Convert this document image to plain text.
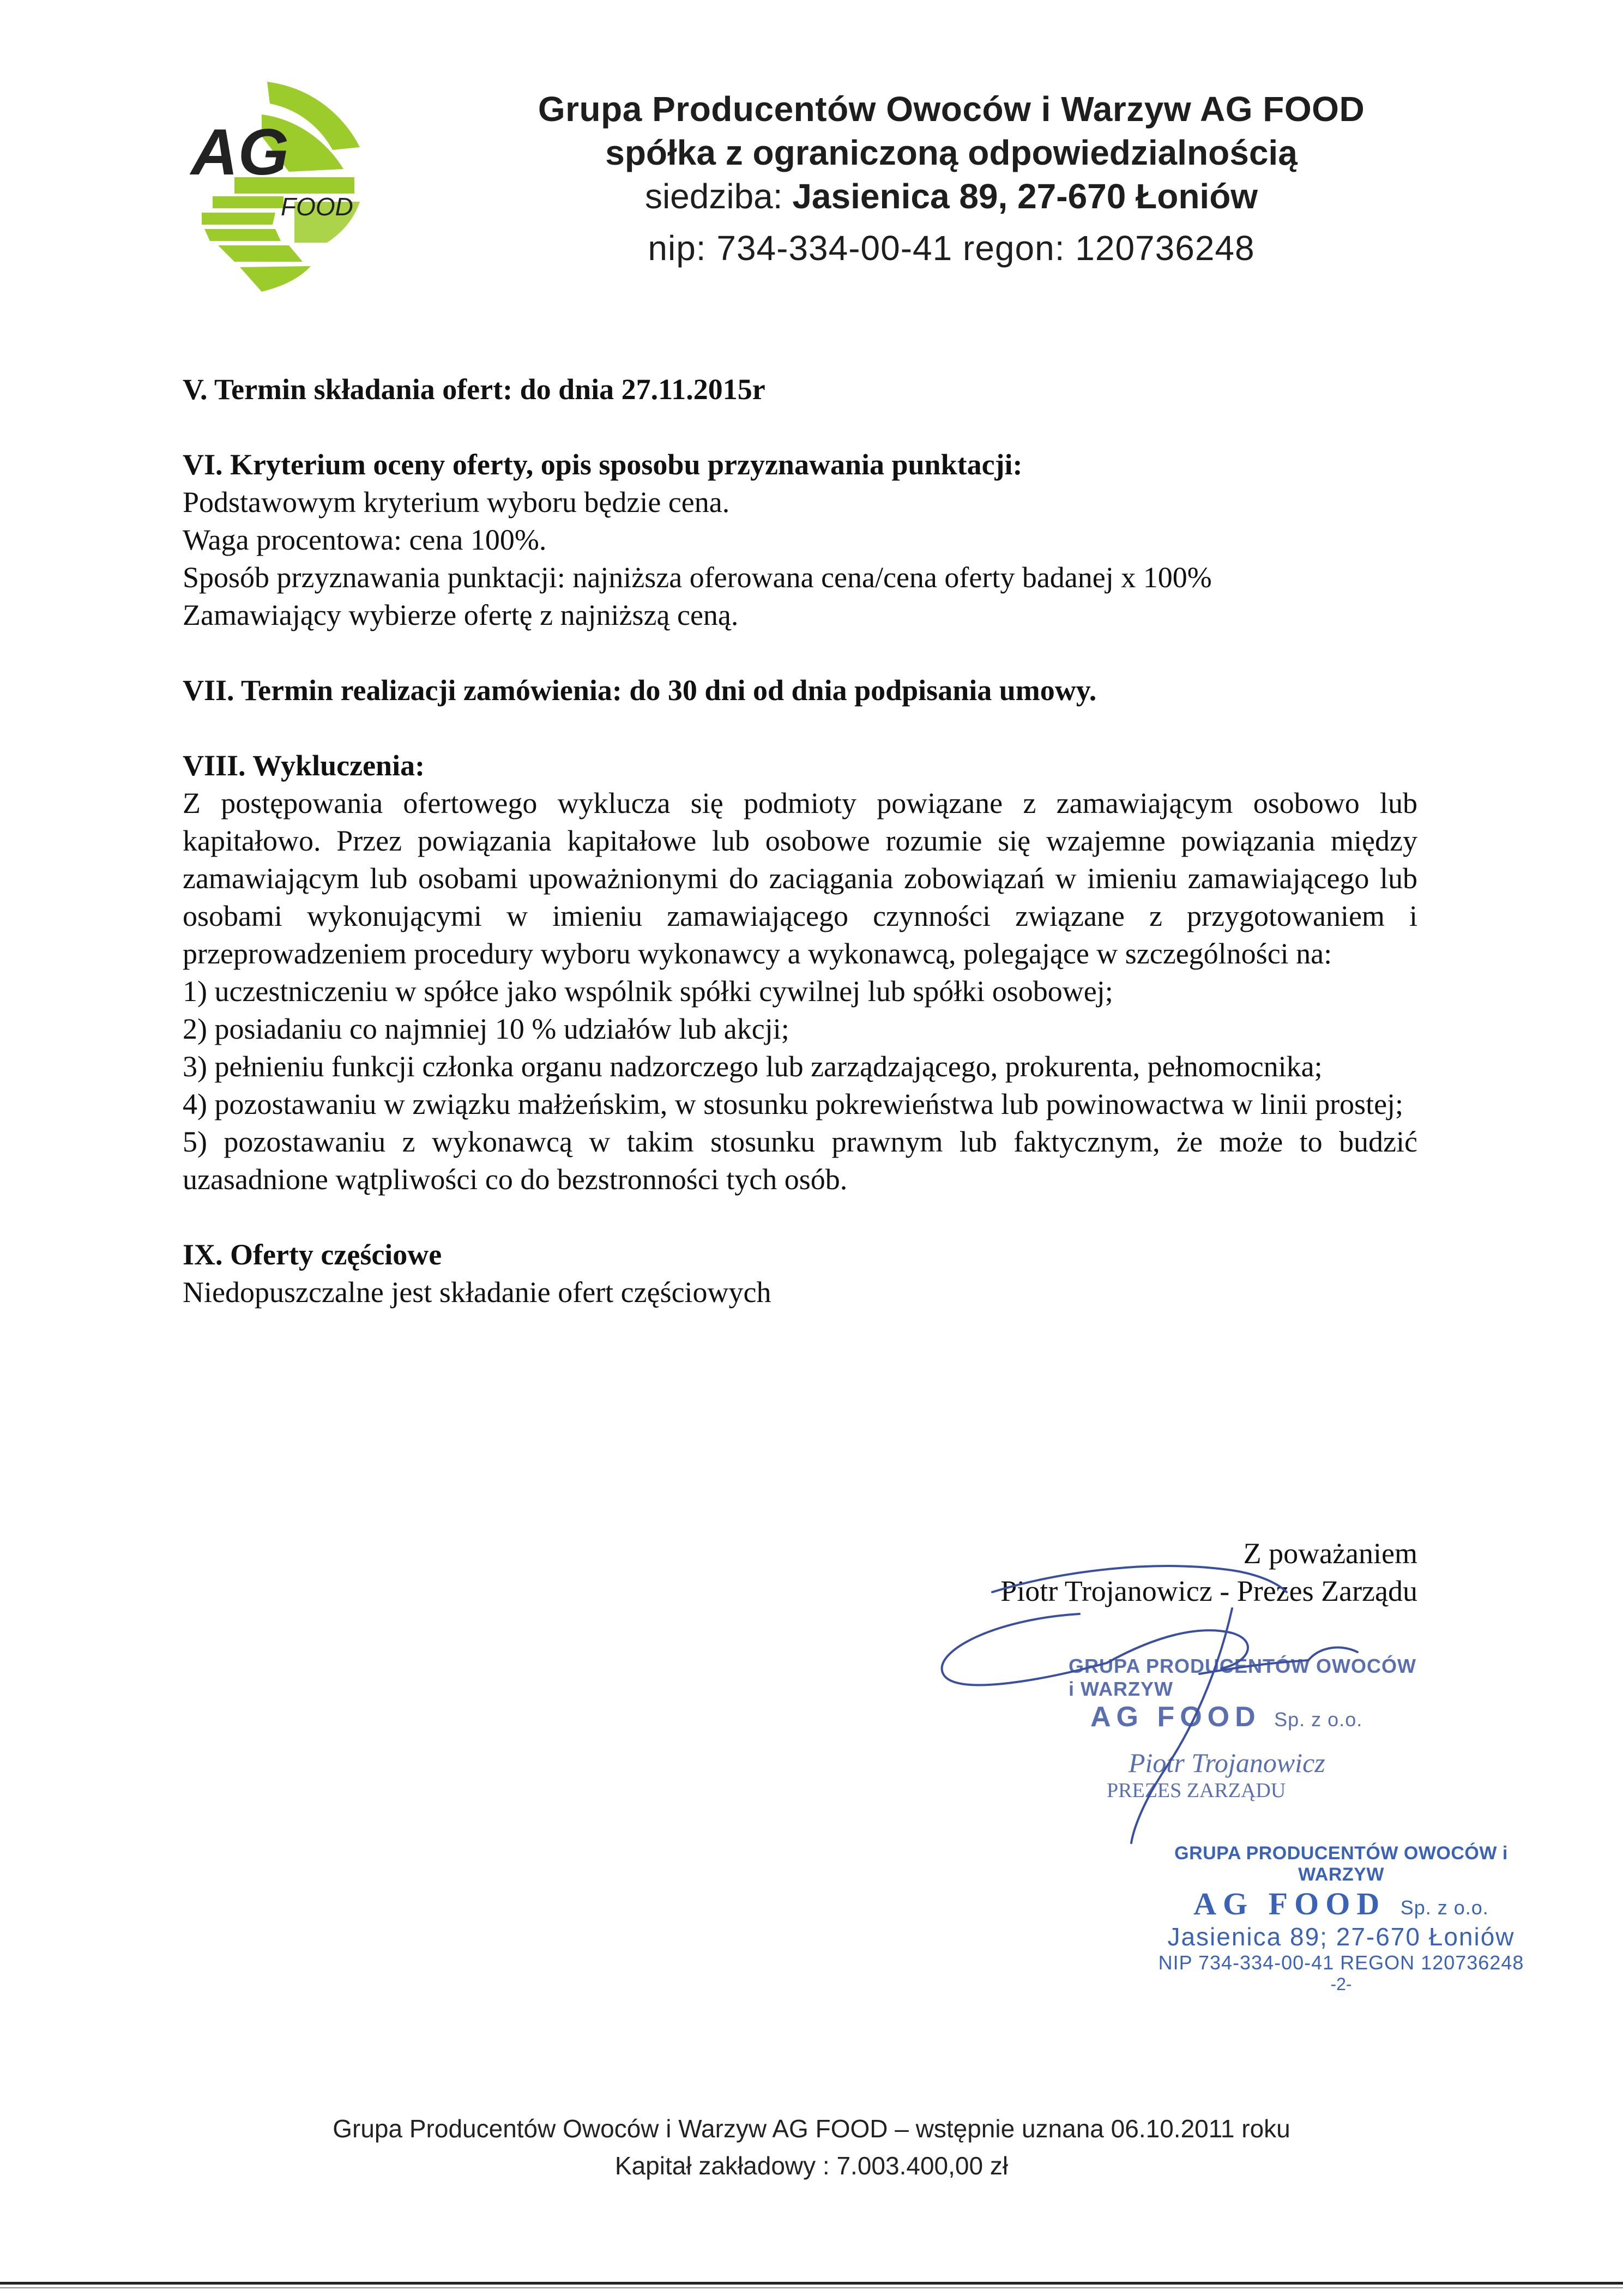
AG
FOOD
Grupa Producentów Owoców i Warzyw AG FOOD
spółka z ograniczoną odpowiedzialnością
siedziba: Jasienica 89, 27-670 Łoniów
nip: 734-334-00-41 regon: 120736248
V. Termin składania ofert: do dnia 27.11.2015r
VI. Kryterium oceny oferty, opis sposobu przyznawania punktacji:
Podstawowym kryterium wyboru będzie cena.
Waga procentowa: cena 100%.
Sposób przyznawania punktacji: najniższa oferowana cena/cena oferty badanej x 100%
Zamawiający wybierze ofertę z najniższą ceną.
VII. Termin realizacji zamówienia: do 30 dni od dnia podpisania umowy.
VIII. Wykluczenia:
Z postępowania ofertowego wyklucza się podmioty powiązane z zamawiającym osobowo lub kapitałowo. Przez powiązania kapitałowe lub osobowe rozumie się wzajemne powiązania między zamawiającym lub osobami upoważnionymi do zaciągania zobowiązań w imieniu zamawiającego lub osobami wykonującymi w imieniu zamawiającego czynności związane z przygotowaniem i przeprowadzeniem procedury wyboru wykonawcy a wykonawcą, polegające w szczególności na:
1) uczestniczeniu w spółce jako wspólnik spółki cywilnej lub spółki osobowej;
2) posiadaniu co najmniej 10 % udziałów lub akcji;
3) pełnieniu funkcji członka organu nadzorczego lub zarządzającego, prokurenta, pełnomocnika;
4) pozostawaniu w związku małżeńskim, w stosunku pokrewieństwa lub powinowactwa w linii prostej;
5) pozostawaniu z wykonawcą w takim stosunku prawnym lub faktycznym, że może to budzić uzasadnione wątpliwości co do bezstronności tych osób.
IX. Oferty częściowe
Niedopuszczalne jest składanie ofert częściowych
Z poważaniem
Piotr Trojanowicz - Prezes Zarządu
GRUPA PRODUCENTÓW OWOCÓW i WARZYW
AG FOOD Sp. z o.o.
Piotr Trojanowicz
PREZES ZARZĄDU
GRUPA PRODUCENTÓW OWOCÓW i WARZYW
AG FOOD Sp. z o.o.
Jasienica 89; 27-670 Łoniów
NIP 734-334-00-41 REGON 120736248
-2-
Grupa Producentów Owoców i Warzyw AG FOOD – wstępnie uznana 06.10.2011 roku
Kapitał zakładowy : 7.003.400,00 zł
